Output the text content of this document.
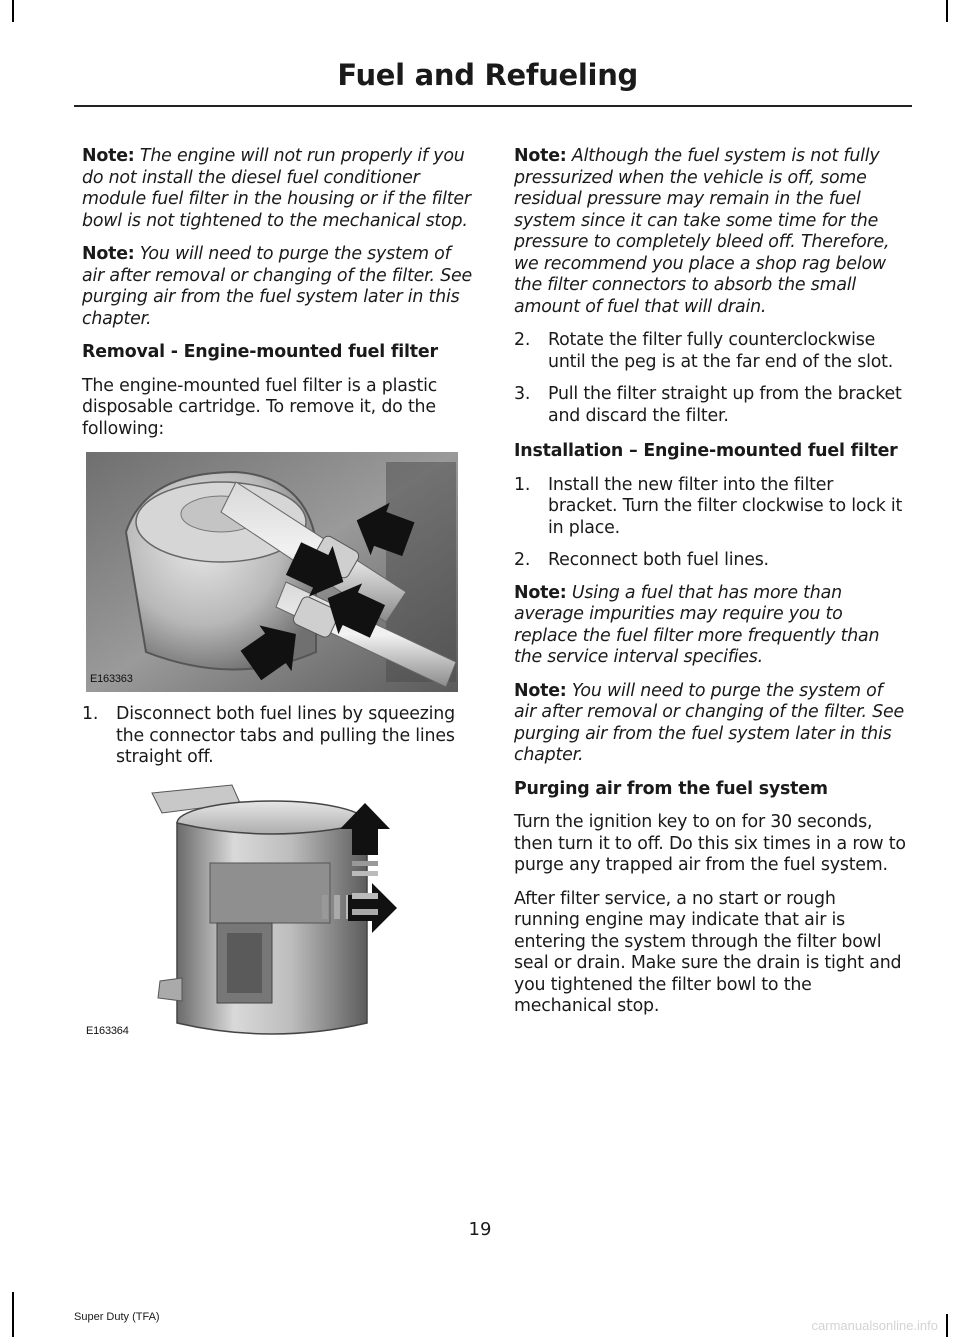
Fuel and Refueling

Note: The engine will not run properly if you do not install the diesel fuel conditioner module fuel filter in the housing or if the filter bowl is not tightened to the mechanical stop.

Note: You will need to purge the system of air after removal or changing of the filter. See purging air from the fuel system later in this chapter.

Removal - Engine-mounted fuel filter

The engine-mounted fuel filter is a plastic disposable cartridge. To remove it, do the following:

E163363
1.	Disconnect both fuel lines by squeezing the connector tabs and pulling the lines straight off.
E163364

Note: Although the fuel system is not fully pressurized when the vehicle is off, some residual pressure may remain in the fuel system since it can take some time for the pressure to completely bleed off. Therefore, we recommend you place a shop rag below the filter connectors to absorb the small amount of fuel that will drain.

2.	Rotate the filter fully counterclockwise until the peg is at the far end of the slot.
3.	Pull the filter straight up from the bracket and discard the filter.
Installation – Engine-mounted fuel filter
1.	Install the new filter into the filter bracket. Turn the filter clockwise to lock it in place.
2.	Reconnect both fuel lines.

Note: Using a fuel that has more than average impurities may require you to replace the fuel filter more frequently than the service interval specifies.

Note: You will need to purge the system of air after removal or changing of the filter. See purging air from the fuel system later in this chapter.

Purging air from the fuel system

Turn the ignition key to on for 30 seconds, then turn it to off. Do this six times in a row to purge any trapped air from the fuel system.

After filter service, a no start or rough running engine may indicate that air is entering the system through the filter bowl seal or drain. Make sure the drain is tight and you tightened the filter bowl to the mechanical stop.

19
Super Duty (TFA)
carmanualsonline.info
